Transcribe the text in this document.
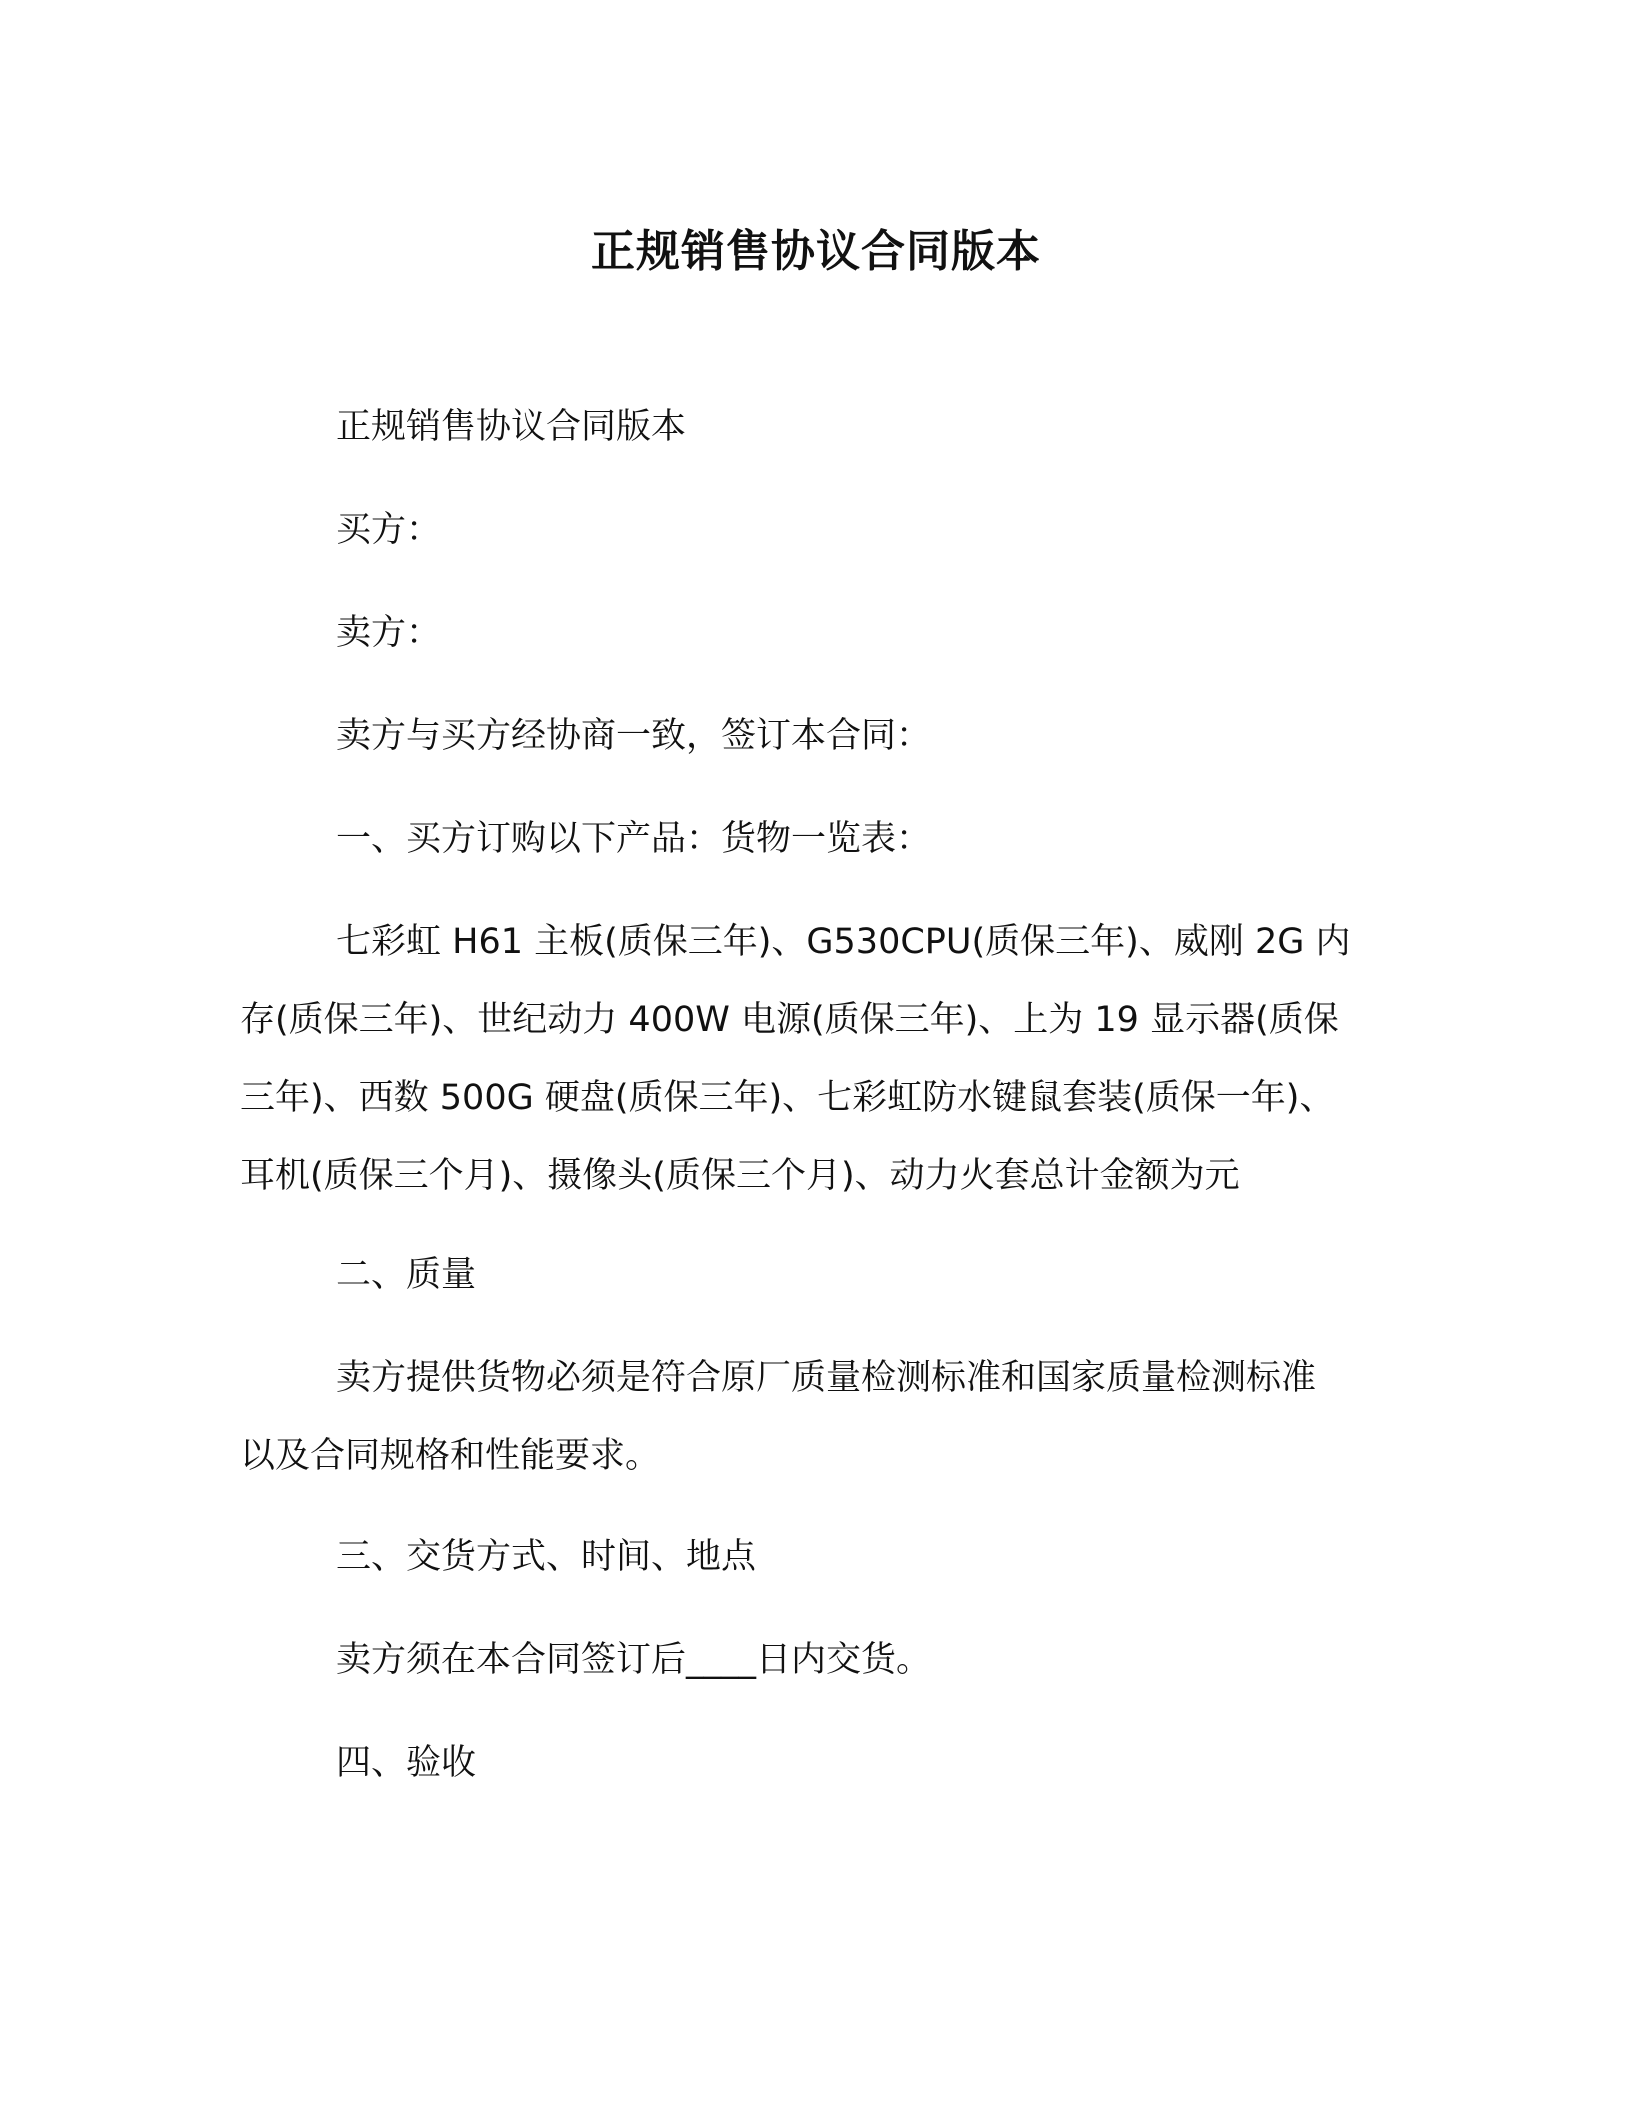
正规销售协议合同版本

正规销售协议合同版本

买方：

卖方：

卖方与买方经协商一致，签订本合同：

一、买方订购以下产品：货物一览表：

七彩虹 H61 主板(质保三年)、G530CPU(质保三年)、威刚 2G 内
存(质保三年)、世纪动力 400W 电源(质保三年)、上为 19 显示器(质保
三年)、西数 500G 硬盘(质保三年)、七彩虹防水键鼠套装(质保一年)、
耳机(质保三个月)、摄像头(质保三个月)、动力火套总计金额为元

二、质量

卖方提供货物必须是符合原厂质量检测标准和国家质量检测标准
以及合同规格和性能要求。

三、交货方式、时间、地点

卖方须在本合同签订后____日内交货。

四、验收
